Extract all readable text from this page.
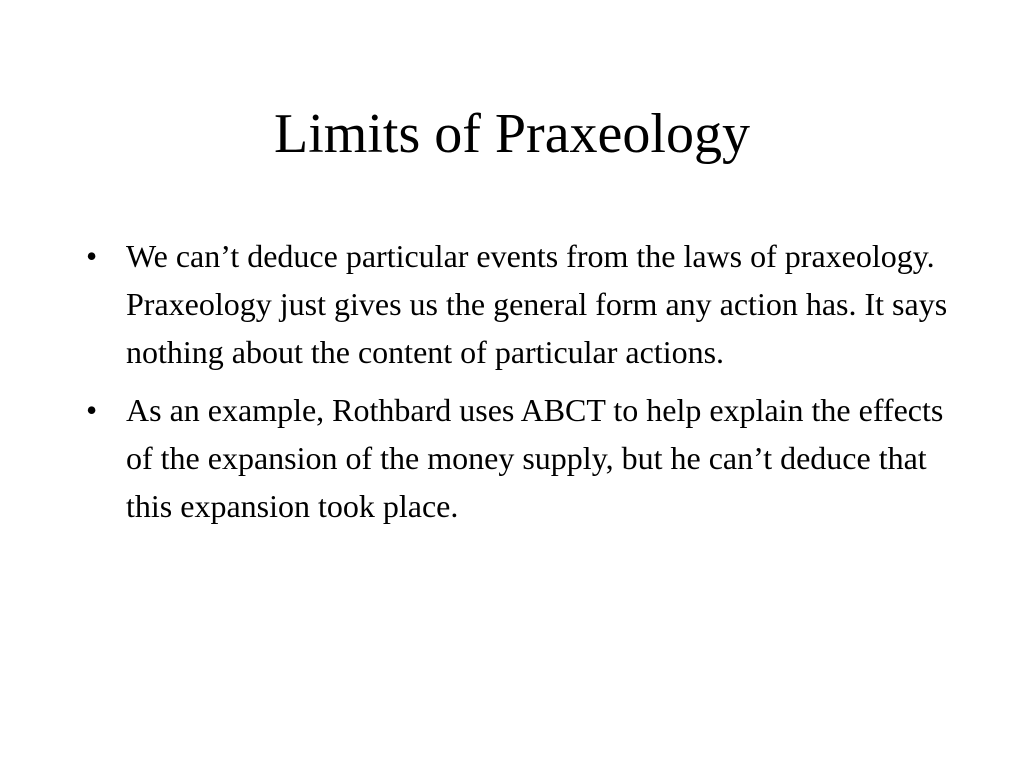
Limits of Praxeology
• We can’t deduce particular events from the laws of praxeology. Praxeology just gives us the general form any action has. It says nothing about the content of particular actions.
• As an example, Rothbard uses ABCT to help explain the effects of the expansion of the money supply, but he can’t deduce that this expansion took place.
